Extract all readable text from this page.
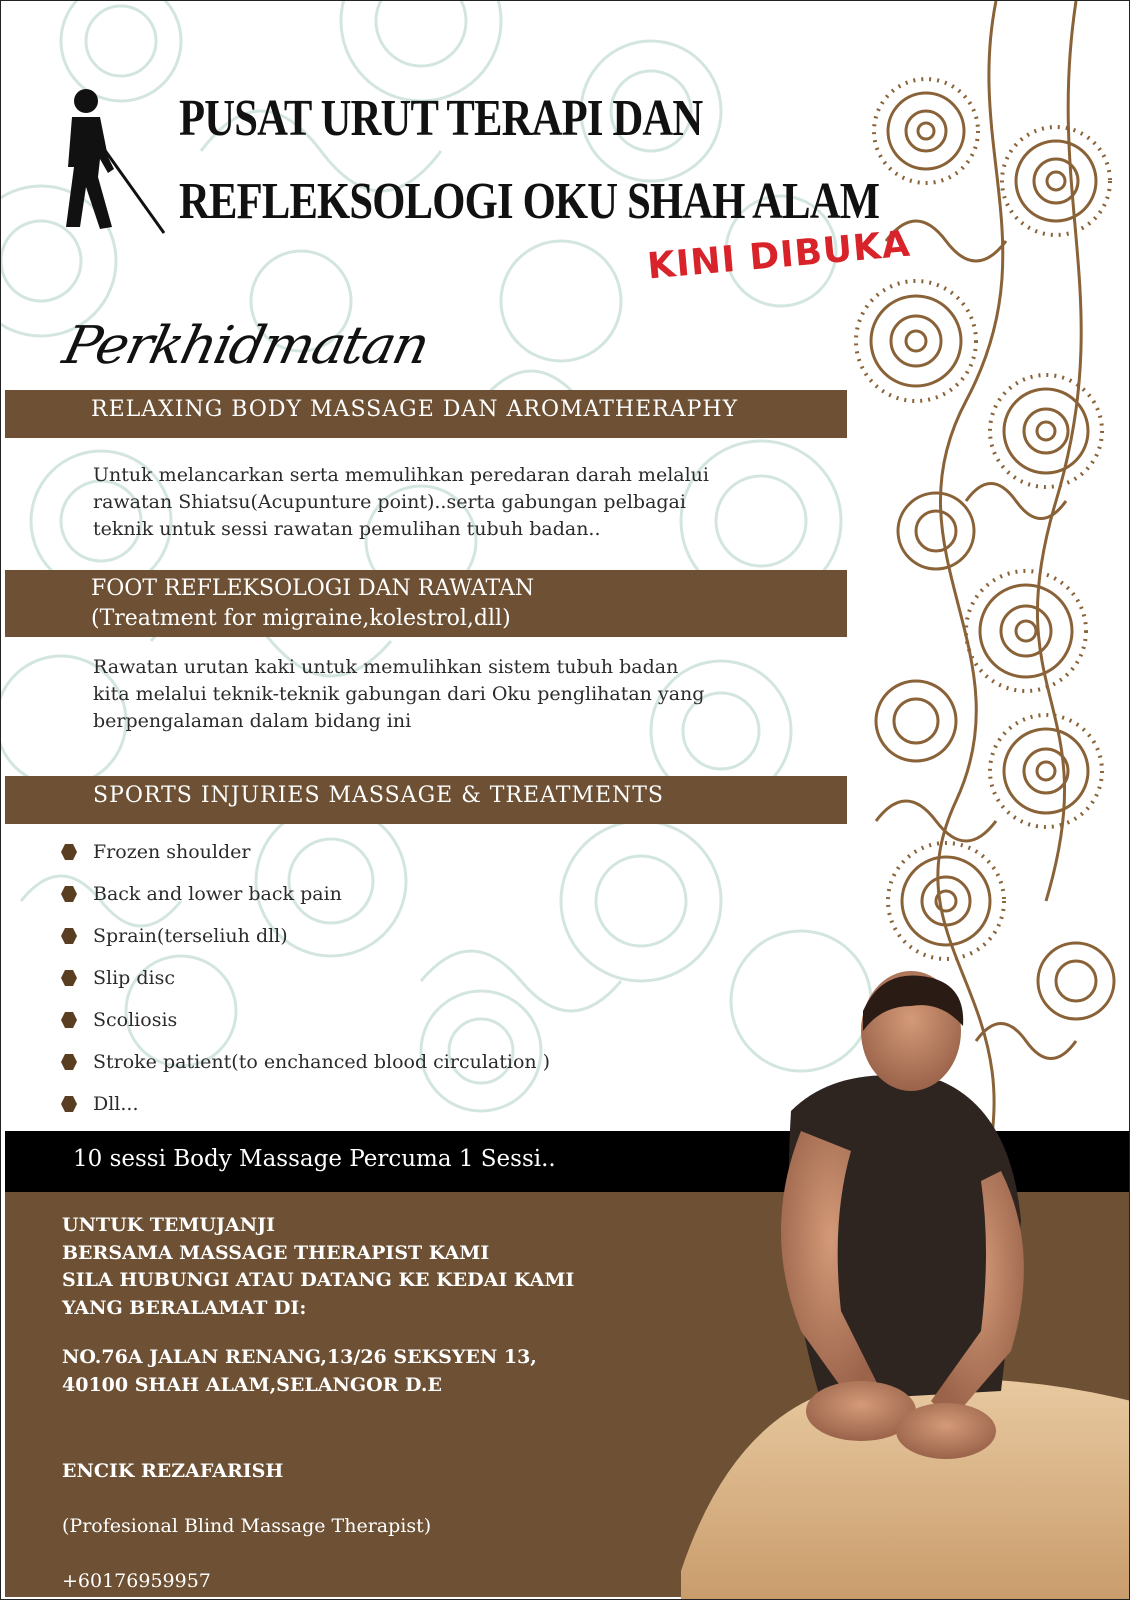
PUSAT URUT TERAPI DAN
REFLEKSOLOGI OKU SHAH ALAM
KINI DIBUKA
Perkhidmatan
RELAXING BODY MASSAGE DAN AROMATHERAPHY
Untuk melancarkan serta memulihkan peredaran darah melalui
rawatan Shiatsu(Acupunture point)..serta gabungan pelbagai
teknik untuk sessi rawatan pemulihan tubuh badan..
FOOT REFLEKSOLOGI DAN RAWATAN
(Treatment for migraine,kolestrol,dll)
Rawatan urutan kaki untuk memulihkan sistem tubuh badan
kita melalui teknik-teknik gabungan dari Oku penglihatan yang
berpengalaman dalam bidang ini
SPORTS INJURIES MASSAGE & TREATMENTS
Frozen shoulder
Back and lower back pain
Sprain(terseliuh dll)
Slip disc
Scoliosis
Stroke patient(to enchanced blood circulation )
Dll...
10 sessi Body Massage Percuma 1 Sessi..
UNTUK TEMUJANJI
BERSAMA MASSAGE THERAPIST KAMI
SILA HUBUNGI ATAU DATANG KE KEDAI KAMI
YANG BERALAMAT DI:
NO.76A JALAN RENANG,13/26 SEKSYEN 13,
40100 SHAH ALAM,SELANGOR D.E

ENCIK REZAFARISH

(Profesional Blind Massage Therapist)

+60176959957
